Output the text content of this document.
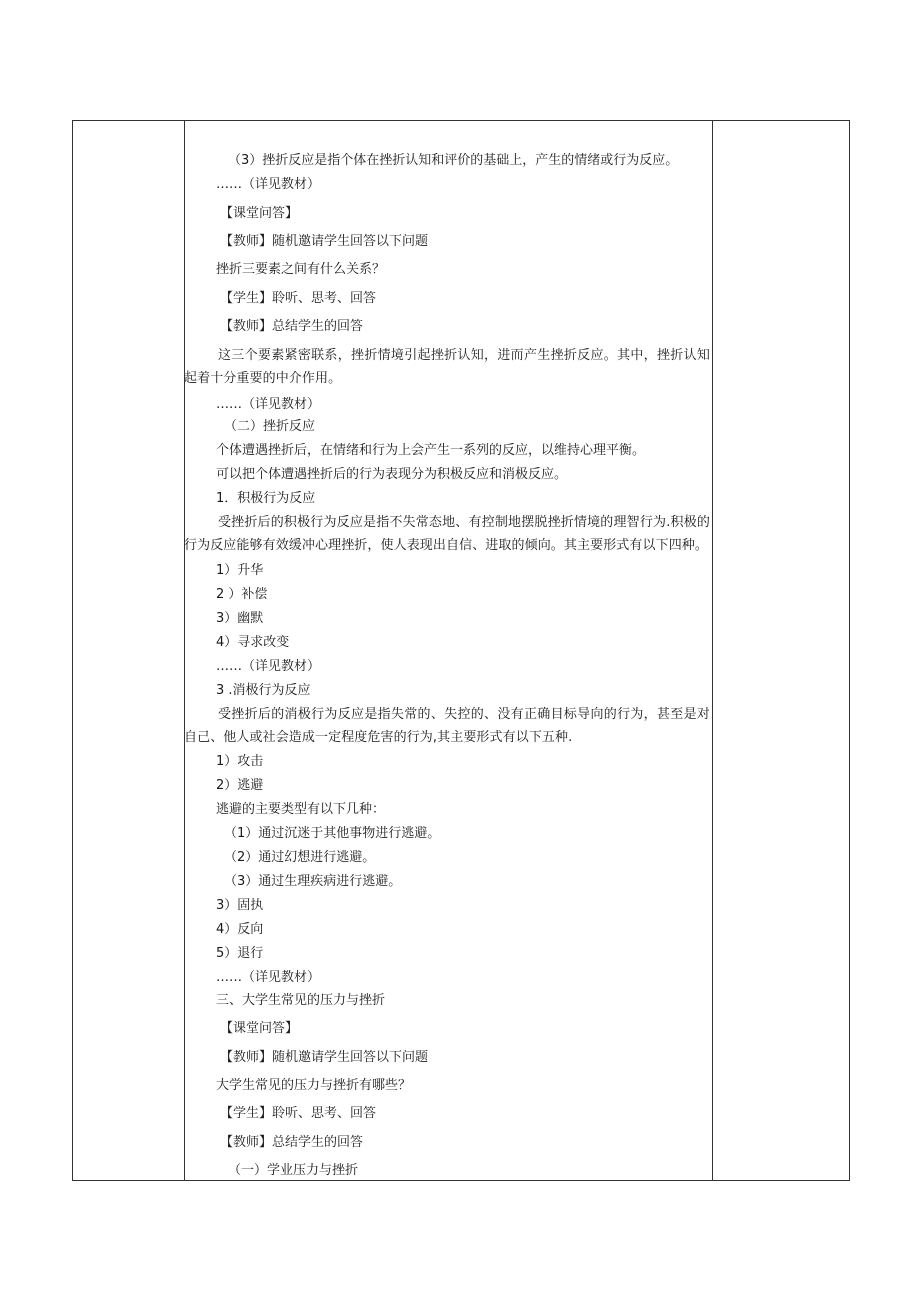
（3）挫折反应是指个体在挫折认知和评价的基础上，产生的情绪或行为反应。
……（详见教材）
【课堂问答】
【教师】随机邀请学生回答以下问题
挫折三要素之间有什么关系？
【学生】聆听、思考、回答
【教师】总结学生的回答
这三个要素紧密联系，挫折情境引起挫折认知，进而产生挫折反应。其中，挫折认知起着十分重要的中介作用。
……（详见教材）
（二）挫折反应
个体遭遇挫折后，在情绪和行为上会产生一系列的反应，以维持心理平衡。
可以把个体遭遇挫折后的行为表现分为积极反应和消极反应。
1．积极行为反应
受挫折后的积极行为反应是指不失常态地、有控制地摆脱挫折情境的理智行为.积极的行为反应能够有效缓冲心理挫折，使人表现出自信、进取的倾向。其主要形式有以下四种。
1）升华
2 ）补偿
3）幽默
4）寻求改变
……（详见教材）
3 .消极行为反应
受挫折后的消极行为反应是指失常的、失控的、没有正确目标导向的行为，甚至是对自己、他人或社会造成一定程度危害的行为,其主要形式有以下五种.
1）攻击
2）逃避
逃避的主要类型有以下几种：
（1）通过沉迷于其他事物进行逃避。
（2）通过幻想进行逃避。
（3）通过生理疾病进行逃避。
3）固执
4）反向
5）退行
……（详见教材）
三、大学生常见的压力与挫折
【课堂问答】
【教师】随机邀请学生回答以下问题
大学生常见的压力与挫折有哪些？
【学生】聆听、思考、回答
【教师】总结学生的回答
（一）学业压力与挫折
